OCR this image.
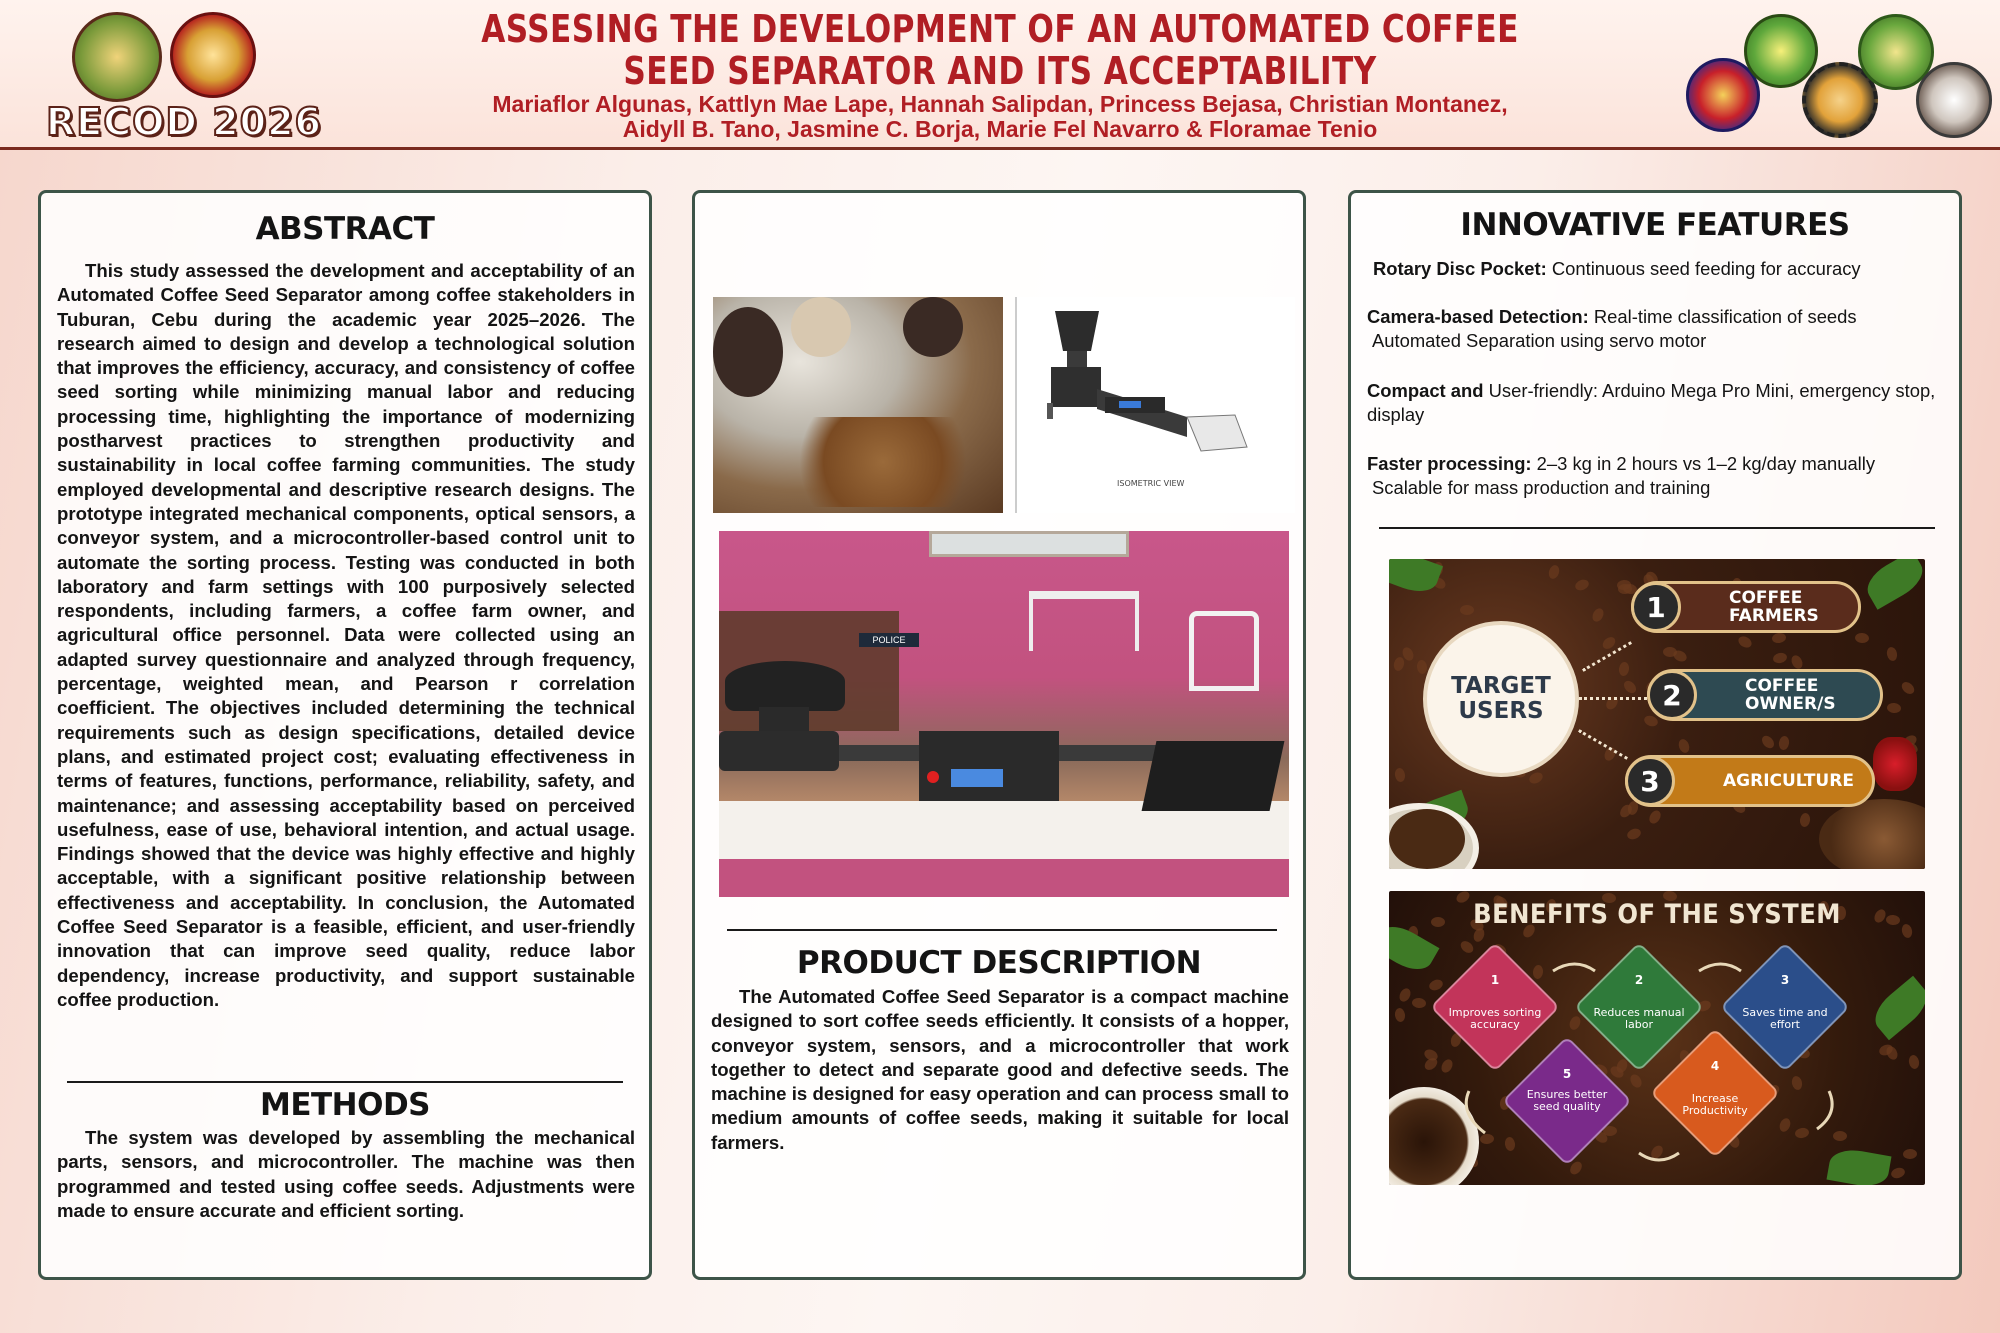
RECOD 2026
ASSESING THE DEVELOPMENT OF AN AUTOMATED COFFEE SEED SEPARATOR AND ITS ACCEPTABILITY
Mariaflor Algunas, Kattlyn Mae Lape, Hannah Salipdan, Princess Bejasa, Christian Montanez,
Aidyll B. Tano, Jasmine C. Borja, Marie Fel Navarro & Floramae Tenio
ABSTRACT
This study assessed the development and acceptability of an Automated Coffee Seed Separator among coffee stakeholders in Tuburan, Cebu during the academic year 2025–2026. The research aimed to design and develop a technological solution that improves the efficiency, accuracy, and consistency of coffee seed sorting while minimizing manual labor and reducing processing time, highlighting the importance of modernizing postharvest practices to strengthen productivity and sustainability in local coffee farming communities. The study employed developmental and descriptive research designs. The prototype integrated mechanical components, optical sensors, a conveyor system, and a microcontroller-based control unit to automate the sorting process. Testing was conducted in both laboratory and farm settings with 100 purposively selected respondents, including farmers, a coffee farm owner, and agricultural office personnel. Data were collected using an adapted survey questionnaire and analyzed through frequency, percentage, weighted mean, and Pearson r correlation coefficient. The objectives included determining the technical requirements such as design specifications, detailed device plans, and estimated project cost; evaluating effectiveness in terms of features, functions, performance, reliability, safety, and maintenance; and assessing acceptability based on perceived usefulness, ease of use, behavioral intention, and actual usage. Findings showed that the device was highly effective and highly acceptable, with a significant positive relationship between effectiveness and acceptability. In conclusion, the Automated Coffee Seed Separator is a feasible, efficient, and user-friendly innovation that can improve seed quality, reduce labor dependency, increase productivity, and support sustainable coffee production.
METHODS
The system was developed by assembling the mechanical parts, sensors, and microcontroller. The machine was then programmed and tested using coffee seeds. Adjustments were made to ensure accurate and efficient sorting.
ISOMETRIC VIEW
POLICE
PRODUCT DESCRIPTION
The Automated Coffee Seed Separator is a compact machine designed to sort coffee seeds efficiently. It consists of a hopper, conveyor system, sensors, and a microcontroller that work together to detect and separate good and defective seeds. The machine is designed for easy operation and can process small to medium amounts of coffee seeds, making it suitable for local farmers.
INNOVATIVE FEATURES
Rotary Disc Pocket: Continuous seed feeding for accuracy
Camera-based Detection: Real-time classification of seeds
Automated Separation using servo motor
Compact and User-friendly: Arduino Mega Pro Mini, emergency stop, display
Faster processing: 2–3 kg in 2 hours vs 1–2 kg/day manually
Scalable for mass production and training
TARGET USERS
1	COFFEE FARMERS
2	COFFEE OWNER/S
3	AGRICULTURE
BENEFITS OF THE SYSTEM
1
Improves sorting accuracy
2
Reduces manual labor
3
Saves time and effort
5
Ensures better seed quality
4
Increase Productivity
